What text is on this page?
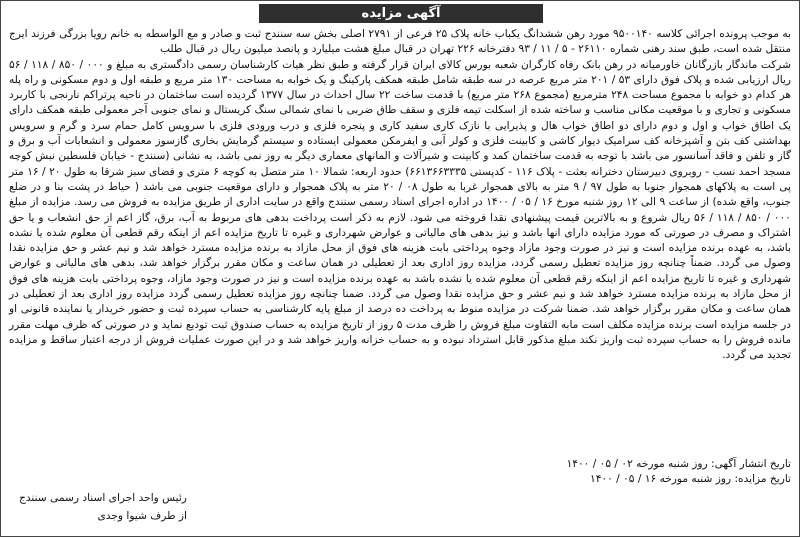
آگهی مزایده

به موجب پرونده اجرائی کلاسه ۹۵۰۰۱۴۰ مورد رهن ششدانگ یکباب خانه پلاک ۲۵ فرعی از ۲۷۹۱ اصلی بخش سه سنندج ثبت و صادر و مع الواسطه به خانم رویا بزرگی فرزند ایرج منتقل شده است، طبق سند رهنی شماره ۲۶۱۱۰ - ۵ / ۱۱ / ۹۳ دفترخانه ۲۲۶ تهران در قبال مبلغ هشت میلیارد و پانصد میلیون ریال در قبال طلب

شرکت ماندگار بازرگانان خاورمیانه در رهن بانک رفاه کارگران شعبه بورس کالای ایران قرار گرفته و طبق نظر هیات کارشناسان رسمی دادگستری به مبلغ و ۰۰۰ / ۸۵۰ / ۱۱۸ / ۵۶ ریال ارزیابی شده و پلاک فوق دارای ۵۳ / ۲۰۱ متر مربع عرصه در سه طبقه شامل طبقه همکف پارکینگ و یک خوابه به مساحت ۱۳۰ متر مربع و طبقه اول و دوم مسکونی و راه پله هر کدام دو خوابه با مجموع مساحت ۲۴۸ مترمربع (مجموع ۲۶۸ متر مربع) با قدمت ساخت ۲۲ سال احداث در سال ۱۳۷۷ گردیده است ساختمان در ناحیه پرتراکم نارنجی با کاربرد مسکونی و تجاری و با موقعیت مکانی مناسب و ساخته شده از اسکلت تیمه فلزی و سقف طاق ضربی با نمای شمالی سنگ کریستال و نمای جنوبی آجر معمولی طبقه همکف دارای یک اطاق خواب و اول و دوم دارای دو اطاق خواب هال و پذیرایی با نازک کاری سفید کاری و پنجره فلزی و درب ورودی فلزی با سرویس کامل حمام سرد و گرم و سرویس بهداشتی کف بتن و آشپزخانه کف سرامیک دیوار کاشی و کابینت فلزی و کولر آبی و ایفرمکن معمولی ایستاده و سیستم گرمایش بخاری گازسوز معمولی و انشعابات آب و برق و گاز و تلفن و فاقد آسانسور می باشد با توجه به قدمت ساختمان کمد و کابینت و شیرآلات و المانهای معماری دیگر به روز نمی باشد، به نشانی (سنندج - خیابان فلسطین نبش کوچه مسجد احمد نسب - روبروی دبیرستان دخترانه بعثت - پلاک ۱۱۶ - کدپستی ۶۶۱۳۶۶۳۳۳۵) حدود اربعه: شمالا ۱۰ متر متصل به کوچه ۶ متری و فضای سبز شرقا به طول ۲۰ / ۱۶ متر پی است به پلاکهای همجوار جنوبا به طول ۹۷ / ۹ متر به بالای همجوار غربا به طول ۰۸ / ۲۰ متر به پلاک همجوار و دارای موقعیت جنوبی می باشد ( حیاط در پشت بنا و در ضلع جنوب، واقع شده) از ساعت ۹ الی ۱۲ روز شنبه مورخ ۱۶ / ۰۵ / ۱۴۰۰ در اداره اجرای اسناد رسمی سنندج واقع در سایت اداری از طریق مزایده به فروش می رسد. مزایده از مبلغ ۰۰۰ / ۸۵۰ / ۱۱۸ / ۵۶ ریال شروع و به بالاترین قیمت پیشنهادی نقدا فروخته می شود. لازم به ذکر است پرداخت بدهی های مربوط به آب، برق، گاز اعم از حق انشعاب و یا حق اشتراک و مصرف در صورتی که مورد مزایده دارای انها باشد و نیز بدهی های مالیاتی و عوارض شهرداری و غیره تا تاریخ مزایده اعم از اینکه رقم قطعی آن معلوم شده یا نشده باشد، به عهده برنده مزایده است و نیز در صورت وجود مازاد وجوه پرداختی بابت هزینه های فوق از محل مازاد به برنده مزایده مسترد خواهد شد و نیم عشر و حق مزایده نقدا وصول می گردد. ضمناً چنانچه روز مزایده تعطیل رسمی گردد، مزایده روز اداری بعد از تعطیلی در همان ساعت و مکان مقرر برگزار خواهد شد، بدهی های مالیاتی و عوارض شهرداری و غیره تا تاریخ مزایده اعم از اینکه رقم قطعی آن معلوم شده یا نشده باشد به عهده برنده مزایده است و نیز در صورت وجود مازاد، وجوه پرداختی بابت هزینه های فوق از محل مازاد به برنده مزایده مسترد خواهد شد و نیم عشر و حق مزایده نقدا وصول می گردد. ضمنا چنانچه روز مزایده تعطیل رسمی گردد مزایده روز اداری بعد از تعطیلی در همان ساعت و مکان مقرر برگزار خواهد شد. ضمنا شرکت در مزایده منوط به پرداخت ده درصد از مبلغ پایه کارشناسی به حساب سپرده ثبت و حضور خریدار یا نماینده قانونی او در جلسه مزایده است برنده مزایده مکلف است مابه التفاوت مبلغ فروش را ظرف مدت ۵ روز از تاریخ مزایده به حساب صندوق ثبت تودیع نماید و در صورتی که ظرف مهلت مقرر مانده فروش را به حساب سپرده ثبت واریز نکند مبلغ مذکور قابل استرداد نبوده و به حساب خزانه واریز خواهد شد و در این صورت عملیات فروش از درجه اعتبار ساقط و مزایده تجدید می گردد.

تاریخ انتشار آگهی: روز شنبه مورخه ۰۲ / ۰۵ / ۱۴۰۰
تاریخ مزایده: روز شنبه مورخه ۱۶ / ۰۵ / ۱۴۰۰
رئیس واحد اجرای اسناد رسمی سنندج
از طرف شیوا وجدی
